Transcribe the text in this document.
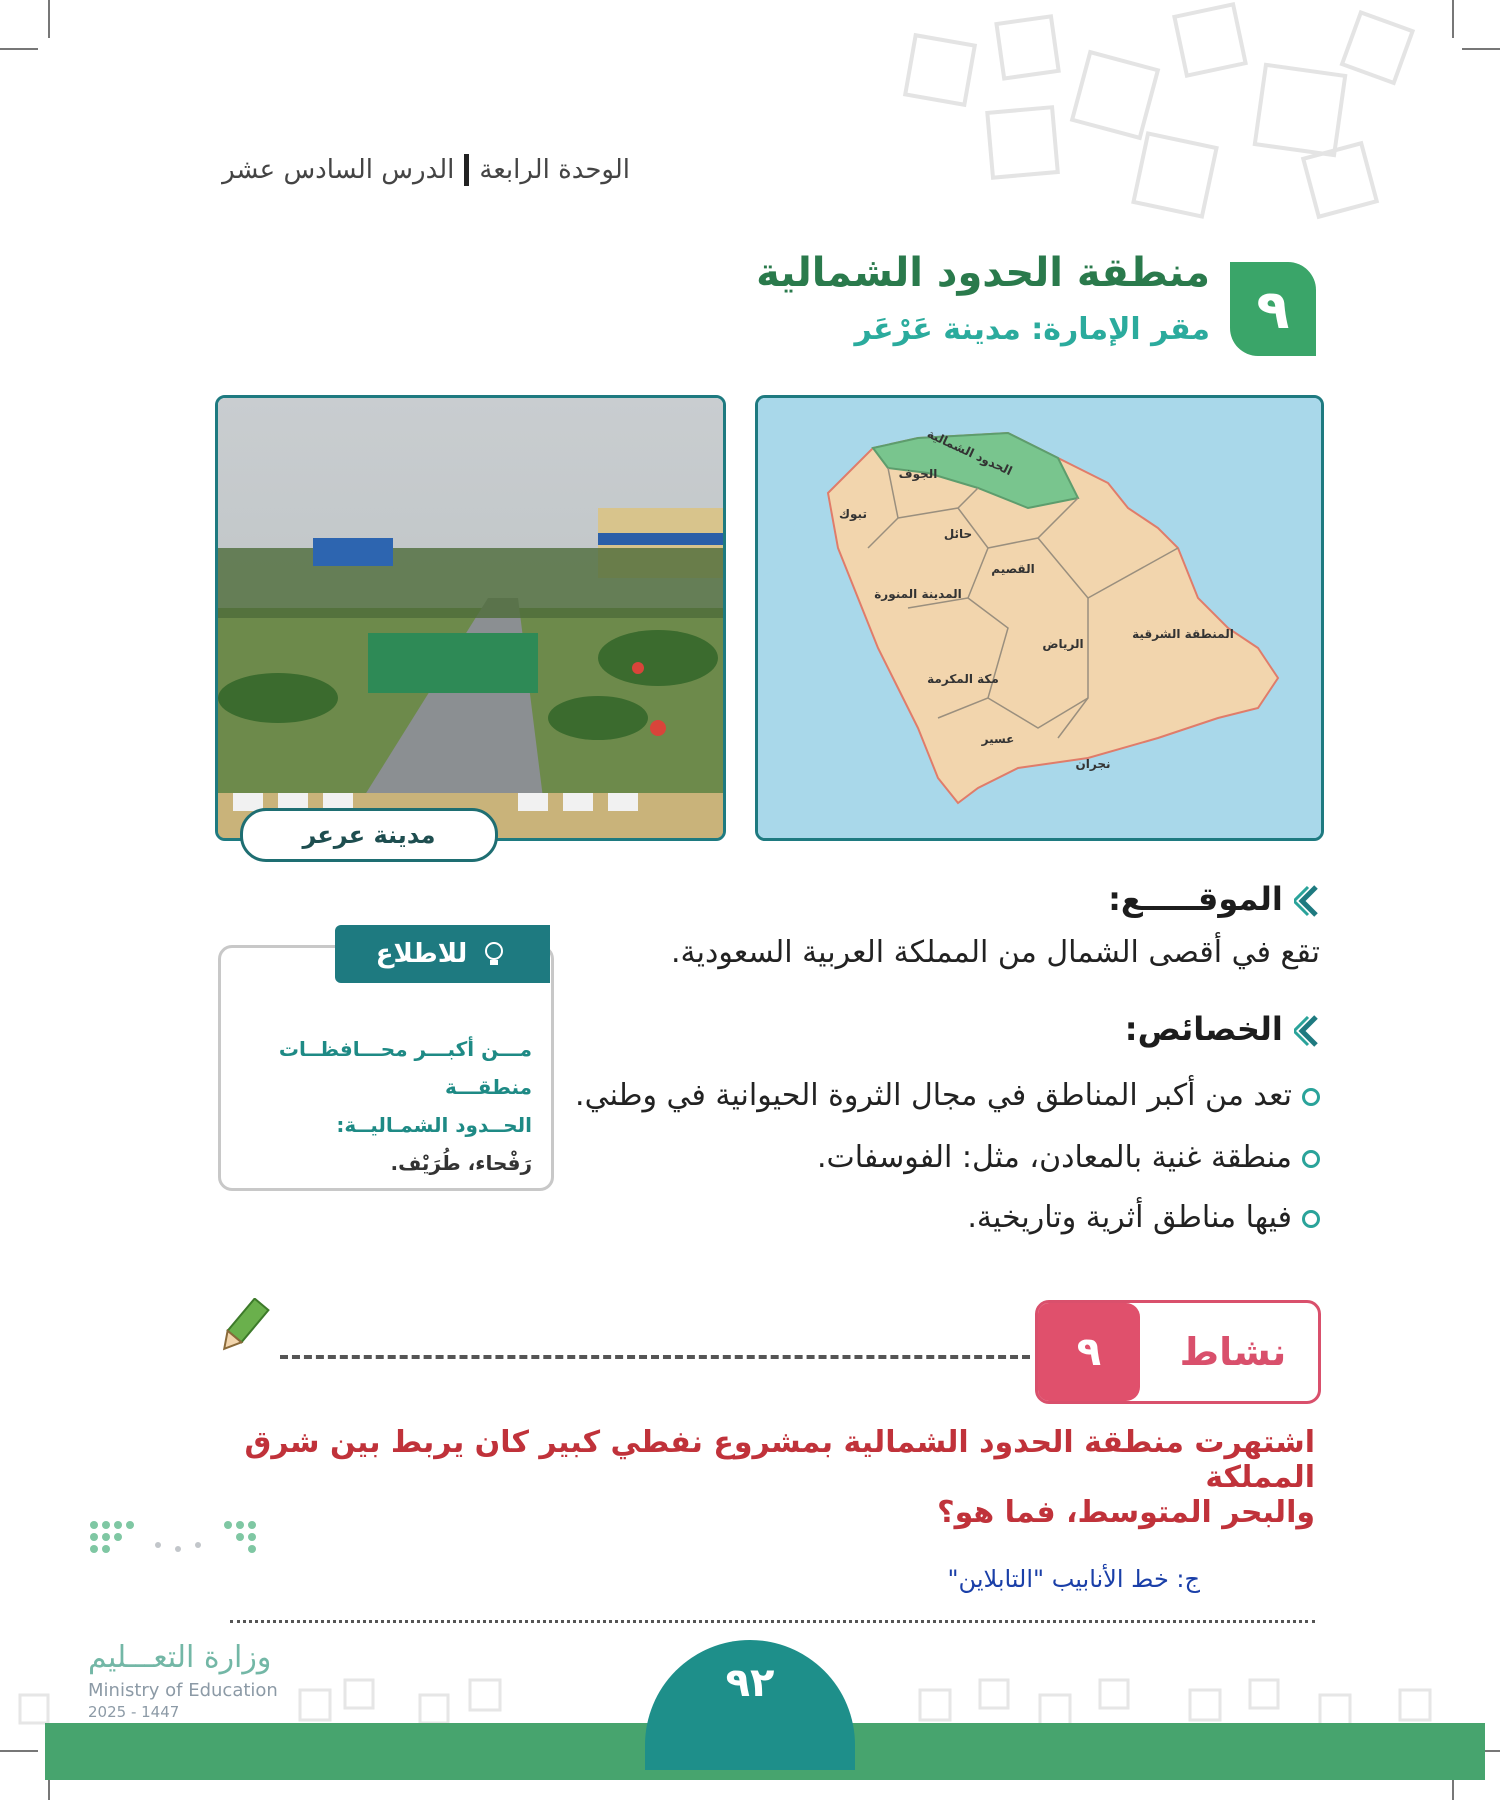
الدرس السادس عشر الوحدة الرابعة
٩
منطقة الحدود الشمالية
مقر الإمارة: مدينة عَرْعَر
مدينة عرعر
الحدود الشمالية
الجوف
تبوك
حائل
القصيم
المدينة المنورة
الرياض
المنطقة الشرقية
مكة المكرمة
عسير
نجران
الموقـــــع:
تقع في أقصى الشمال من المملكة العربية السعودية.
الخصائص:
تعد من أكبر المناطق في مجال الثروة الحيوانية في وطني.
منطقة غنية بالمعادن، مثل: الفوسفات.
فيها مناطق أثرية وتاريخية.
للاطلاع
مـــن أكبـــر محـــافظــات منطقـــة
الحــدود الشمـاليــة:
رَفْحاء، طُرَيْف.
٩	نشاط
اشتهرت منطقة الحدود الشمالية بمشروع نفطي كبير كان يربط بين شرق المملكة
والبحر المتوسط، فما هو؟
"ج: خط الأنابيب "التابلاين
٩٢
وزارة التعـــليم
Ministry of Education
2025 - 1447
